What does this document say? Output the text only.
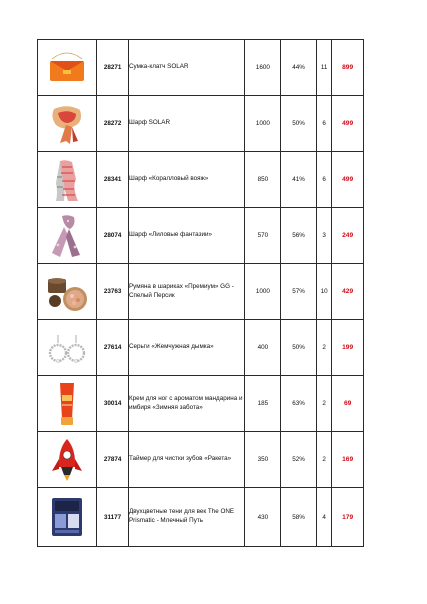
	28271	Сумка-клатч SOLAR	1600	44%	11	899

	28272	Шарф SOLAR	1000	50%	6	499

	28341	Шарф «Коралловый вояж»	850	41%	6	499

	28074	Шарф «Лиловые фантазии»	570	56%	3	249

	23763	Румяна в шариках «Премиум» GG - Спелый Персик	1000	57%	10	429

	27614	Серьги «Жемчужная дымка»	400	50%	2	199

	30014	Крем для ног с ароматом мандарина и имбиря «Зимняя забота»	185	63%	2	69

	27874	Таймер для чистки зубов «Ракета»	350	52%	2	169

	31177	Двухцветные тени для век The ONE Prismatic - Млечный Путь	430	58%	4	179
